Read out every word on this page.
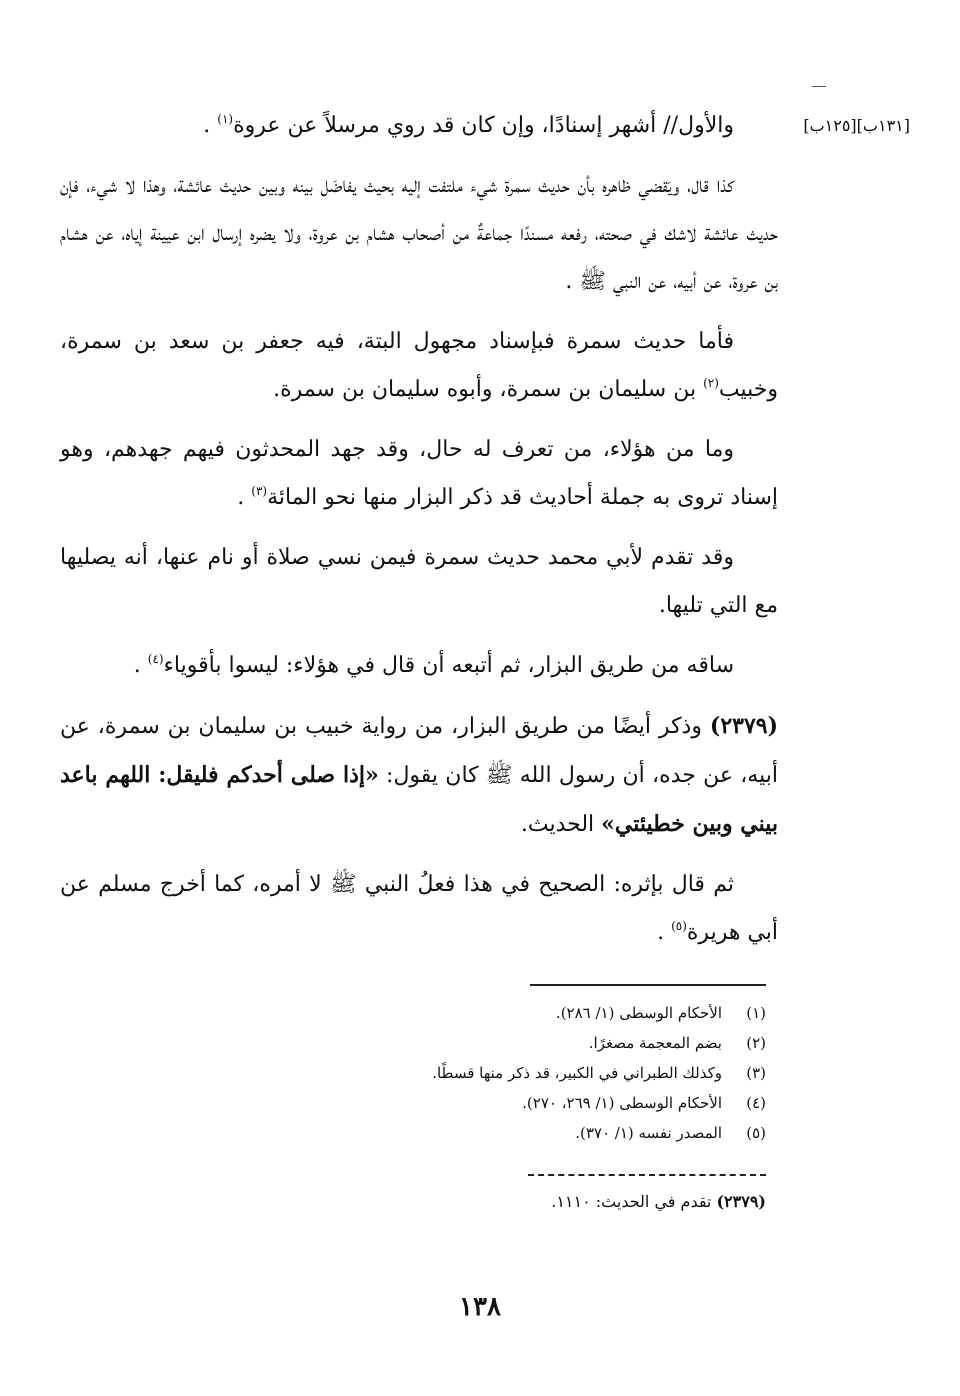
[١٣١ب][١٢٥ب]

والأول// أشهر إسنادًا، وإن كان قد روي مرسلاً عن عروة$^{(١)}$ .

كذا قال، ويَقضي ظاهره بأن حديث سمرة شيء ملتفت إليه بحيث يفاضَل بينه وبين حديث عائشة، وهذا لا شيء، فإن حديث عائشة لاشك في صحته، رفعه مسندًا جماعةٌ من أصحاب هشام بن عروة، ولا يضره إرسال ابن عيينة إياه، عن هشام بن عروة، عن أبيه، عن النبي ﷺ .

فأما حديث سمرة فبإسناد مجهول البتة، فيه جعفر بن سعد بن سمرة، وخبيب$^{(٢)}$ بن سليمان بن سمرة، وأبوه سليمان بن سمرة.

وما من هؤلاء، من تعرف له حال، وقد جهد المحدثون فيهم جهدهم، وهو إسناد تروى به جملة أحاديث قد ذكر البزار منها نحو المائة$^{(٣)}$ .

وقد تقدم لأبي محمد حديث سمرة فيمن نسي صلاة أو نام عنها، أنه يصليها مع التي تليها.

ساقه من طريق البزار، ثم أتبعه أن قال في هؤلاء: ليسوا بأقوياء$^{(٤)}$ .

(٢٣٧٩) وذكر أيضًا من طريق البزار، من رواية خبيب بن سليمان بن سمرة، عن أبيه، عن جده، أن رسول الله ﷺ كان يقول: «إذا صلى أحدكم فليقل: اللهم باعد بيني وبين خطيئتي» الحديث.

ثم قال بإثره: الصحيح في هذا فعلُ النبي ﷺ لا أمره، كما أخرج مسلم عن أبي هريرة$^{(٥)}$ .

(١)
الأحكام الوسطى (١/ ٢٨٦).
(٢)
بضم المعجمة مصغرًا.
(٣)
وكذلك الطبراني في الكبير، قد ذكر منها قسطًا.
(٤)
الأحكام الوسطى (١/ ٢٦٩، ٢٧٠).
(٥)
المصدر نفسه (١/ ٣٧٠).
(٢٣٧٩) تقدم في الحديث: ١١١٠.
١٣٨
